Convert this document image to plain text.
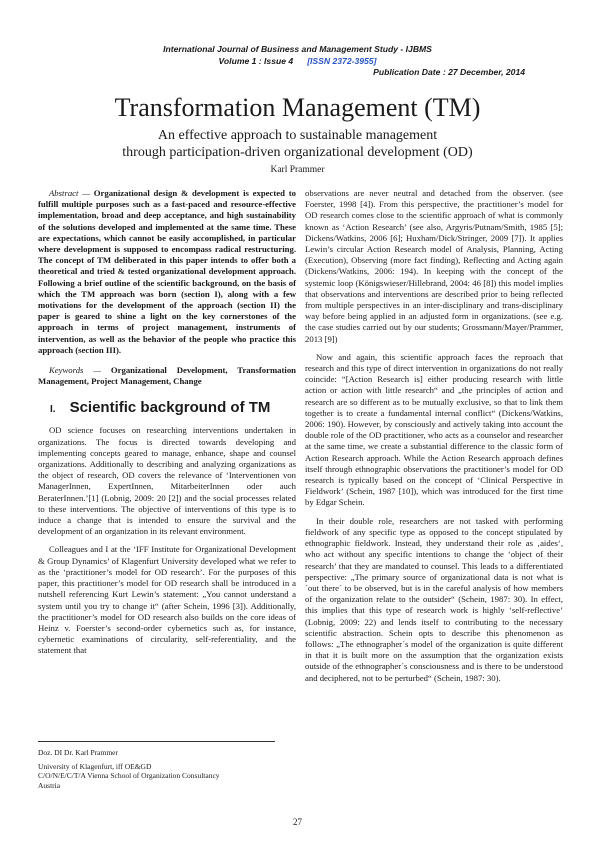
International Journal of Business and Management Study - IJBMS
Volume 1 : Issue 4 [ISSN 2372-3955]
Publication Date : 27 December, 2014
Transformation Management (TM)
An effective approach to sustainable management
through participation-driven organizational development (OD)
Karl Prammer

Abstract — Organizational design & development is expected to fulfill multiple purposes such as a fast-paced and resource-effective implementation, broad and deep acceptance, and high sustainability of the solutions developed and implemented at the same time. These are expectations, which cannot be easily accomplished, in particular where development is supposed to encompass radical restructuring. The concept of TM deliberated in this paper intends to offer both a theoretical and tried & tested organizational development approach. Following a brief outline of the scientific background, on the basis of which the TM approach was born (section I), along with a few motivations for the development of the approach (section II) the paper is geared to shine a light on the key cornerstones of the approach in terms of project management, instruments of intervention, as well as the behavior of the people who practice this approach (section III).

Keywords — Organizational Development, Transformation Management, Project Management, Change

I. Scientific background of TM

OD science focuses on researching interventions undertaken in organizations. The focus is directed towards developing and implementing concepts geared to manage, enhance, shape and counsel organizations. Additionally to describing and analyzing organizations as the object of research, OD covers the relevance of ‘Interventionen von ManagerInnen, ExpertInnen, MitarbeiterInnen oder auch BeraterInnen.’[1] (Lobnig, 2009: 20 [2]) and the social processes related to these interventions. The objective of interventions of this type is to induce a change that is intended to ensure the survival and the development of an organization in its relevant environment.

Colleagues and I at the ‘IFF Institute for Organizational Development & Group Dynamics’ of Klagenfurt University developed what we refer to as the ‘practitioner’s model for OD research’. For the purposes of this paper, this practitioner’s model for OD research shall be introduced in a nutshell referencing Kurt Lewin’s statement: „You cannot understand a system until you try to change it“ (after Schein, 1996 [3]). Additionally, the practitioner’s model for OD research also builds on the core ideas of Heinz v. Foerster’s second-order cybernetics such as, for instance, cybernetic examinations of circularity, self-referentiality, and the statement that

observations are never neutral and detached from the observer. (see Foerster, 1998 [4]). From this perspective, the practitioner’s model for OD research comes close to the scientific approach of what is commonly known as ‘Action Research’ (see also, Argyris/Putnam/Smith, 1985 [5]; Dickens/Watkins, 2006 [6]; Huxham/Dick/Stringer, 2009 [7]). It applies Lewin’s circular Action Research model of Analysis, Planning, Acting (Execution), Observing (more fact finding), Reflecting and Acting again (Dickens/Watkins, 2006: 194). In keeping with the concept of the systemic loop (Königswieser/Hillebrand, 2004: 46 [8]) this model implies that observations and interventions are described prior to being reflected from multiple perspectives in an inter-disciplinary and trans-disciplinary way before being applied in an adjusted form in organizations. (see e.g. the case studies carried out by our students; Grossmann/Mayer/Prammer, 2013 [9])

Now and again, this scientific approach faces the reproach that research and this type of direct intervention in organizations do not really coincide: “[Action Research is] either producing research with little action or action with little research“ and „the principles of action and research are so different as to be mutually exclusive, so that to link them together is to create a fundamental internal conflict“ (Dickens/Watkins, 2006: 190). However, by consciously and actively taking into account the double role of the OD practitioner, who acts as a counselor and researcher at the same time, we create a substantial difference to the classic form of Action Research approach. While the Action Research approach defines itself through ethnographic observations the practitioner’s model for OD research is typically based on the concept of ‘Clinical Perspective in Fieldwork’ (Schein, 1987 [10]), which was introduced for the first time by Edgar Schein.

In their double role, researchers are not tasked with performing fieldwork of any specific type as opposed to the concept stipulated by ethnographic fieldwork. Instead, they understand their role as ‚aides‘, who act without any specific intentions to change the ‘object of their research’ that they are mandated to counsel. This leads to a differentiated perspective: „The primary source of organizational data is not what is ´out there´ to be observed, but is in the careful analysis of how members of the organization relate to the outsider“ (Schein, 1987: 30). In effect, this implies that this type of research work is highly ‘self-reflective’ (Lobnig, 2009: 22) and lends itself to contributing to the necessary scientific abstraction. Schein opts to describe this phenomenon as follows: „The ethnographer´s model of the organization is quite different in that it is built more on the assumption that the organization exists outside of the ethnographer´s consciousness and is there to be understood and deciphered, not to be perturbed“ (Schein, 1987: 30).

Doz. DI Dr. Karl Prammer
University of Klagenfurt, iff OE&GD
C/O/N/E/C/T/A Vienna School of Organization Consultancy
Austria
27
